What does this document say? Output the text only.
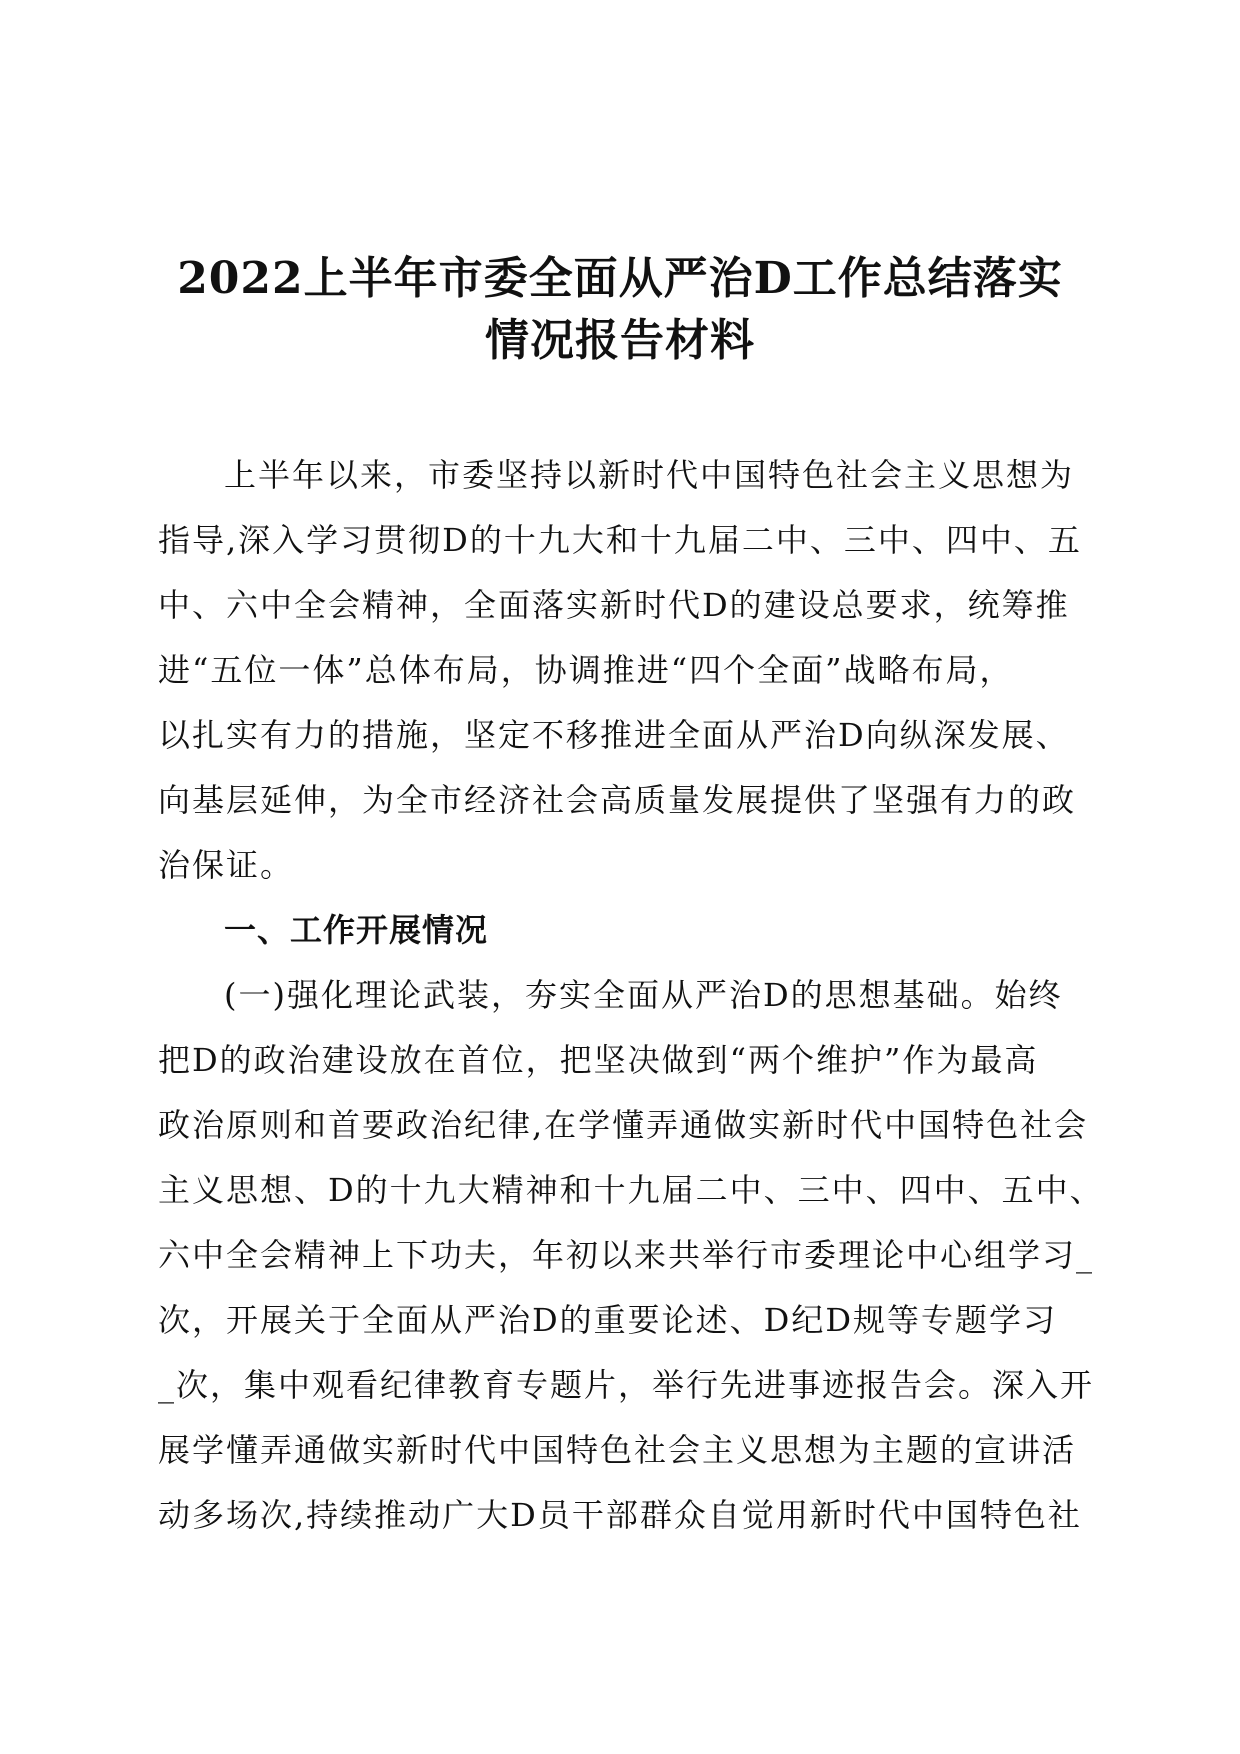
2022上半年市委全面从严治D工作总结落实
情况报告材料
上半年以来，市委坚持以新时代中国特色社会主义思想为
指导,深入学习贯彻D的十九大和十九届二中、三中、四中、五
中、六中全会精神，全面落实新时代D的建设总要求，统筹推
进“五位一体”总体布局，协调推进“四个全面”战略布局，
以扎实有力的措施，坚定不移推进全面从严治D向纵深发展、
向基层延伸，为全市经济社会高质量发展提供了坚强有力的政
治保证。
一、工作开展情况
(一)强化理论武装，夯实全面从严治D的思想基础。始终
把D的政治建设放在首位，把坚决做到“两个维护”作为最高
政治原则和首要政治纪律,在学懂弄通做实新时代中国特色社会
主义思想、D的十九大精神和十九届二中、三中、四中、五中、
六中全会精神上下功夫，年初以来共举行市委理论中心组学习_
次，开展关于全面从严治D的重要论述、D纪D规等专题学习
_次，集中观看纪律教育专题片，举行先进事迹报告会。深入开
展学懂弄通做实新时代中国特色社会主义思想为主题的宣讲活
动多场次,持续推动广大D员干部群众自觉用新时代中国特色社
